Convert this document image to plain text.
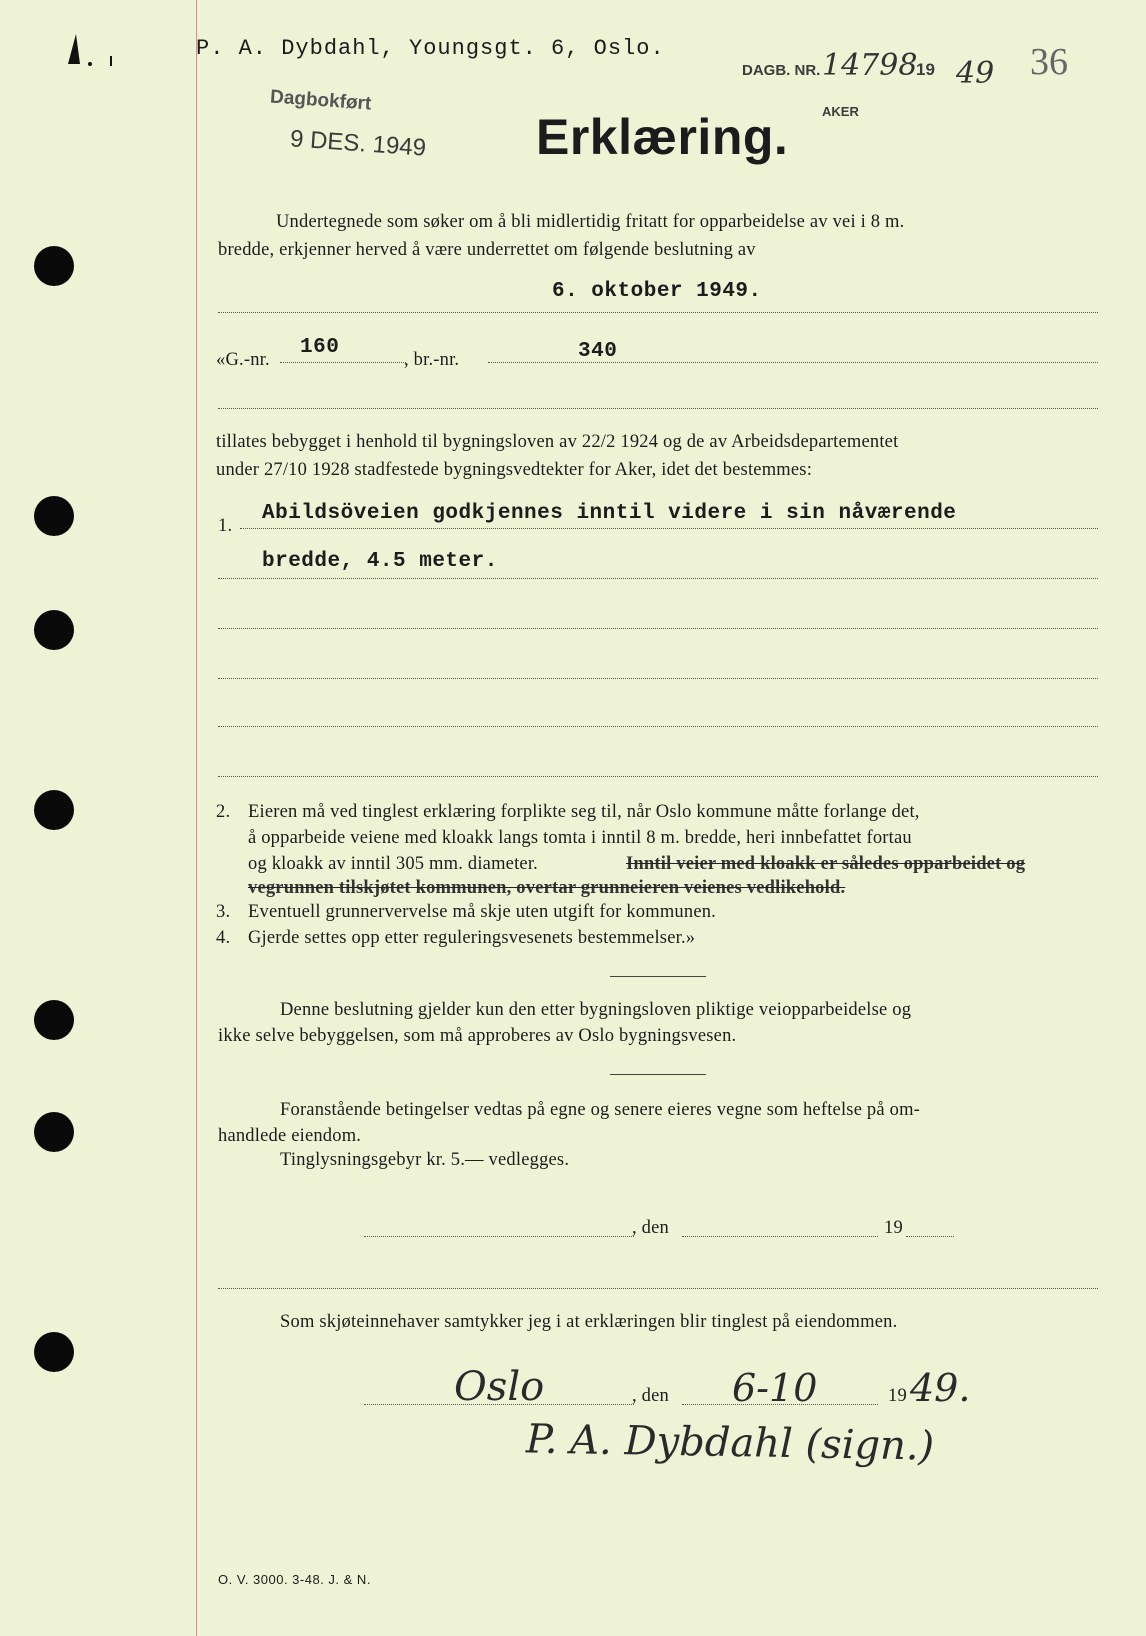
P. A. Dybdahl, Youngsgt. 6, Oslo.	36
DAGB. NR. 14798
19 49
AKER
Dagbokført
9 DES. 1949 Erklæring.
Undertegnede som søker om å bli midlertidig fritatt for opparbeidelse av vei i 8 m.
bredde, erkjenner herved å være underrettet om følgende beslutning av
6. oktober 1949.
«G.-nr.
160
, br.-nr.	340
tillates bebygget i henhold til bygningsloven av 22/2 1924 og de av Arbeidsdepartementet
under 27/10 1928 stadfestede bygningsvedtekter for Aker, idet det bestemmes:
1.
Abildsöveien godkjennes inntil videre i sin nåværende
bredde, 4.5 meter.
2. Eieren må ved tinglest erklæring forplikte seg til, når Oslo kommune måtte forlange det,
å opparbeide veiene med kloakk langs tomta i inntil 8 m. bredde, heri innbefattet fortau
og kloakk av inntil 305 mm. diameter.	Inntil veier med kloakk er således opparbeidet og
vegrunnen tilskjøtet kommunen, overtar grunneieren veienes vedlikehold.
3. Eventuell grunnervervelse må skje uten utgift for kommunen.
4. Gjerde settes opp etter reguleringsvesenets bestemmelser.»
Denne beslutning gjelder kun den etter bygningsloven pliktige veiopparbeidelse og
ikke selve bebyggelsen, som må approberes av Oslo bygningsvesen.
Foranstående betingelser vedtas på egne og senere eieres vegne som heftelse på om-
handlede eiendom.
Tinglysningsgebyr kr. 5.— vedlegges.
, den	19
Som skjøteinnehaver samtykker jeg i at erklæringen blir tinglest på eiendommen.
Oslo	, den 6-10	19 49.
P. A. Dybdahl (sign.)
O. V. 3000. 3-48. J. & N.
